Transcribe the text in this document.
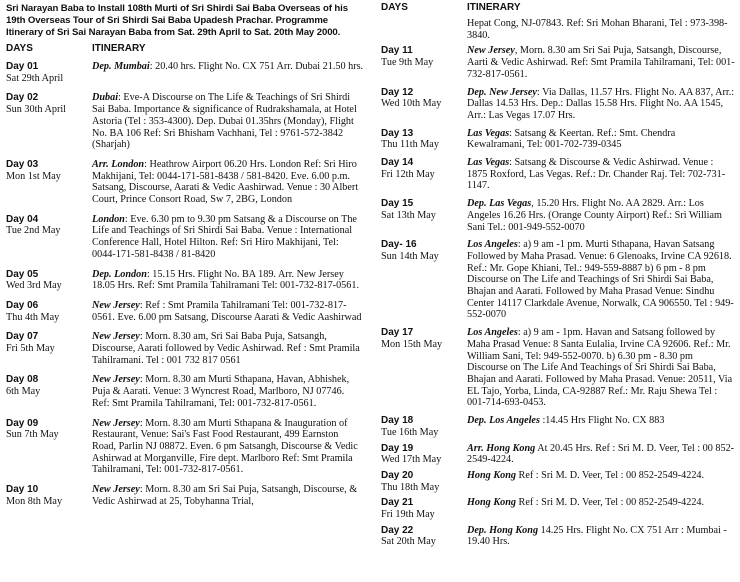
Sri Narayan Baba to Install 108th Murti of Sri Shirdi Sai Baba Overseas of his 19th Overseas Tour of Sri Shirdi Sai Baba Upadesh Prachar. Programme Itinerary of Sri Sai Narayan Baba from Sat. 29th April to Sat. 20th May 2000.
DAYS	ITINERARY
Day 01
Sat 29th April
Dep. Mumbai: 20.40 hrs. Flight No. CX 751 Arr. Dubai 21.50 hrs.
Day 02
Sun 30th April
Dubai: Eve-A Discourse on The Life & Teachings of Sri Shirdi Sai Baba. Importance & significance of Rudrakshamala, at Hotel Astoria (Tel : 353-4300). Dep. Dubai 01.35hrs (Monday), Flight No. BA 106 Ref: Sri Bhisham Vachhani, Tel : 9761-572-3842 (Sharjah)
Day 03
Mon 1st May
Arr. London: Heathrow Airport 06.20 Hrs. London Ref: Sri Hiro Makhijani, Tel: 0044-171-581-8438 / 581-8420. Eve. 6.00 p.m. Satsang, Discourse, Aarati & Vedic Aashirwad. Venue : 30 Albert Court, Prince Consort Road, Sw 7, 2BG, London
Day 04
Tue 2nd May
London: Eve. 6.30 pm to 9.30 pm Satsang & a Discourse on The Life and Teachings of Sri Shirdi Sai Baba. Venue : International Conference Hall, Hotel Hilton. Ref: Sri Hiro Makhijani, Tel: 0044-171-581-8438 / 81-8420
Day 05
Wed 3rd May
Dep. London: 15.15 Hrs. Flight No. BA 189. Arr. New Jersey 18.05 Hrs. Ref: Smt Pramila Tahilramani Tel: 001-732-817-0561.
Day 06
Thu 4th May
New Jersey: Ref : Smt Pramila Tahilramani Tel: 001-732-817-0561. Eve. 6.00 pm Satsang, Discourse Aarati & Vedic Aashirwad
Day 07
Fri 5th May
New Jersey: Morn. 8.30 am, Sri Sai Baba Puja, Satsangh, Discourse, Aarati followed by Vedic Ashirwad. Ref : Smt Pramila Tahilramani. Tel : 001 732 817 0561
Day 08
6th May
New Jersey: Morn. 8.30 am Murti Sthapana, Havan, Abhishek, Puja & Aarati. Venue: 3 Wyncrest Road, Marlboro, NJ 07746. Ref: Smt Pramila Tahilramani, Tel: 001-732-817-0561.
Day 09
Sun 7th May
New Jersey: Morn. 8.30 am Murti Sthapana & Inauguration of Restaurant, Venue: Sai's Fast Food Restaurant, 499 Earnston Road, Parlin NJ 08872. Even. 6 pm Satsangh, Discourse & Vedic Ashirwad at Morganville, Fire dept. Marlboro Ref: Smt Pramila Tahilramani, Tel: 001-732-817-0561.
Day 10
Mon 8th May
New Jersey: Morn. 8.30 am Sri Sai Puja, Satsangh, Discourse, & Vedic Ashirwad at 25, Tobyhanna Trial,
DAYS	ITINERARY
Hepat Cong, NJ-07843. Ref: Sri Mohan Bharani, Tel : 973-398-3840.
Day 11
Tue 9th May
New Jersey, Morn. 8.30 am Sri Sai Puja, Satsangh, Discourse, Aarti & Vedic Ashirwad. Ref: Smt Pramila Tahilramani, Tel: 001-732-817-0561.
Day 12
Wed 10th May
Dep. New Jersey: Via Dallas, 11.57 Hrs. Flight No. AA 837, Arr.: Dallas 14.53 Hrs. Dep.: Dallas 15.58 Hrs. Flight No. AA 1545, Arr.: Las Vegas 17.07 Hrs.
Day 13
Thu 11th May
Las Vegas: Satsang & Keertan. Ref.: Smt. Chendra Kewalramani, Tel: 001-702-739-0345
Day 14
Fri 12th May
Las Vegas: Satsang & Discourse & Vedic Ashirwad. Venue : 1875 Roxford, Las Vegas. Ref.: Dr. Chander Raj. Tel: 702-731-1147.
Day 15
Sat 13th May
Dep. Las Vegas, 15.20 Hrs. Flight No. AA 2829. Arr.: Los Angeles 16.26 Hrs. (Orange County Airport) Ref.: Sri William Sani Tel.: 001-949-552-0070
Day- 16
Sun 14th May
Los Angeles: a) 9 am -1 pm. Murti Sthapana, Havan Satsang Followed by Maha Prasad. Venue: 6 Glenoaks, Irvine CA 92618. Ref.: Mr. Gope Khiani, Tel.: 949-559-8887 b) 6 pm - 8 pm Discourse on The Life and Teachings of Sri Shirdi Sai Baba, Bhajan and Aarati. Followed by Maha Prasad Venue: Sindhu Center 14117 Clarkdale Avenue, Norwalk, CA 906550. Tel : 949-552-0070
Day 17
Mon 15th May
Los Angeles: a) 9 am - 1pm. Havan and Satsang followed by Maha Prasad Venue: 8 Santa Eulalia, Irvine CA 92606. Ref.: Mr. William Sani, Tel: 949-552-0070. b) 6.30 pm - 8.30 pm Discourse on The Life And Teachings of Sri Shirdi Sai Baba, Bhajan and Aarati. Followed by Maha Prasad. Venue: 20511, Via EL Tajo, Yorba, Linda, CA-92887 Ref.: Mr. Raju Shewa Tel : 001-714-693-0453.
Day 18
Tue 16th May
Dep. Los Angeles :14.45 Hrs Flight No. CX 883
Day 19
Wed 17th May
Arr. Hong Kong At 20.45 Hrs. Ref : Sri M. D. Veer, Tel : 00 852-2549-4224.
Day 20
Thu 18th May
Hong Kong Ref : Sri M. D. Veer, Tel : 00 852-2549-4224.
Day 21
Fri 19th May
Hong Kong Ref : Sri M. D. Veer, Tel : 00 852-2549-4224.
Day 22
Sat 20th May
Dep. Hong Kong 14.25 Hrs. Flight No. CX 751 Arr : Mumbai - 19.40 Hrs.
